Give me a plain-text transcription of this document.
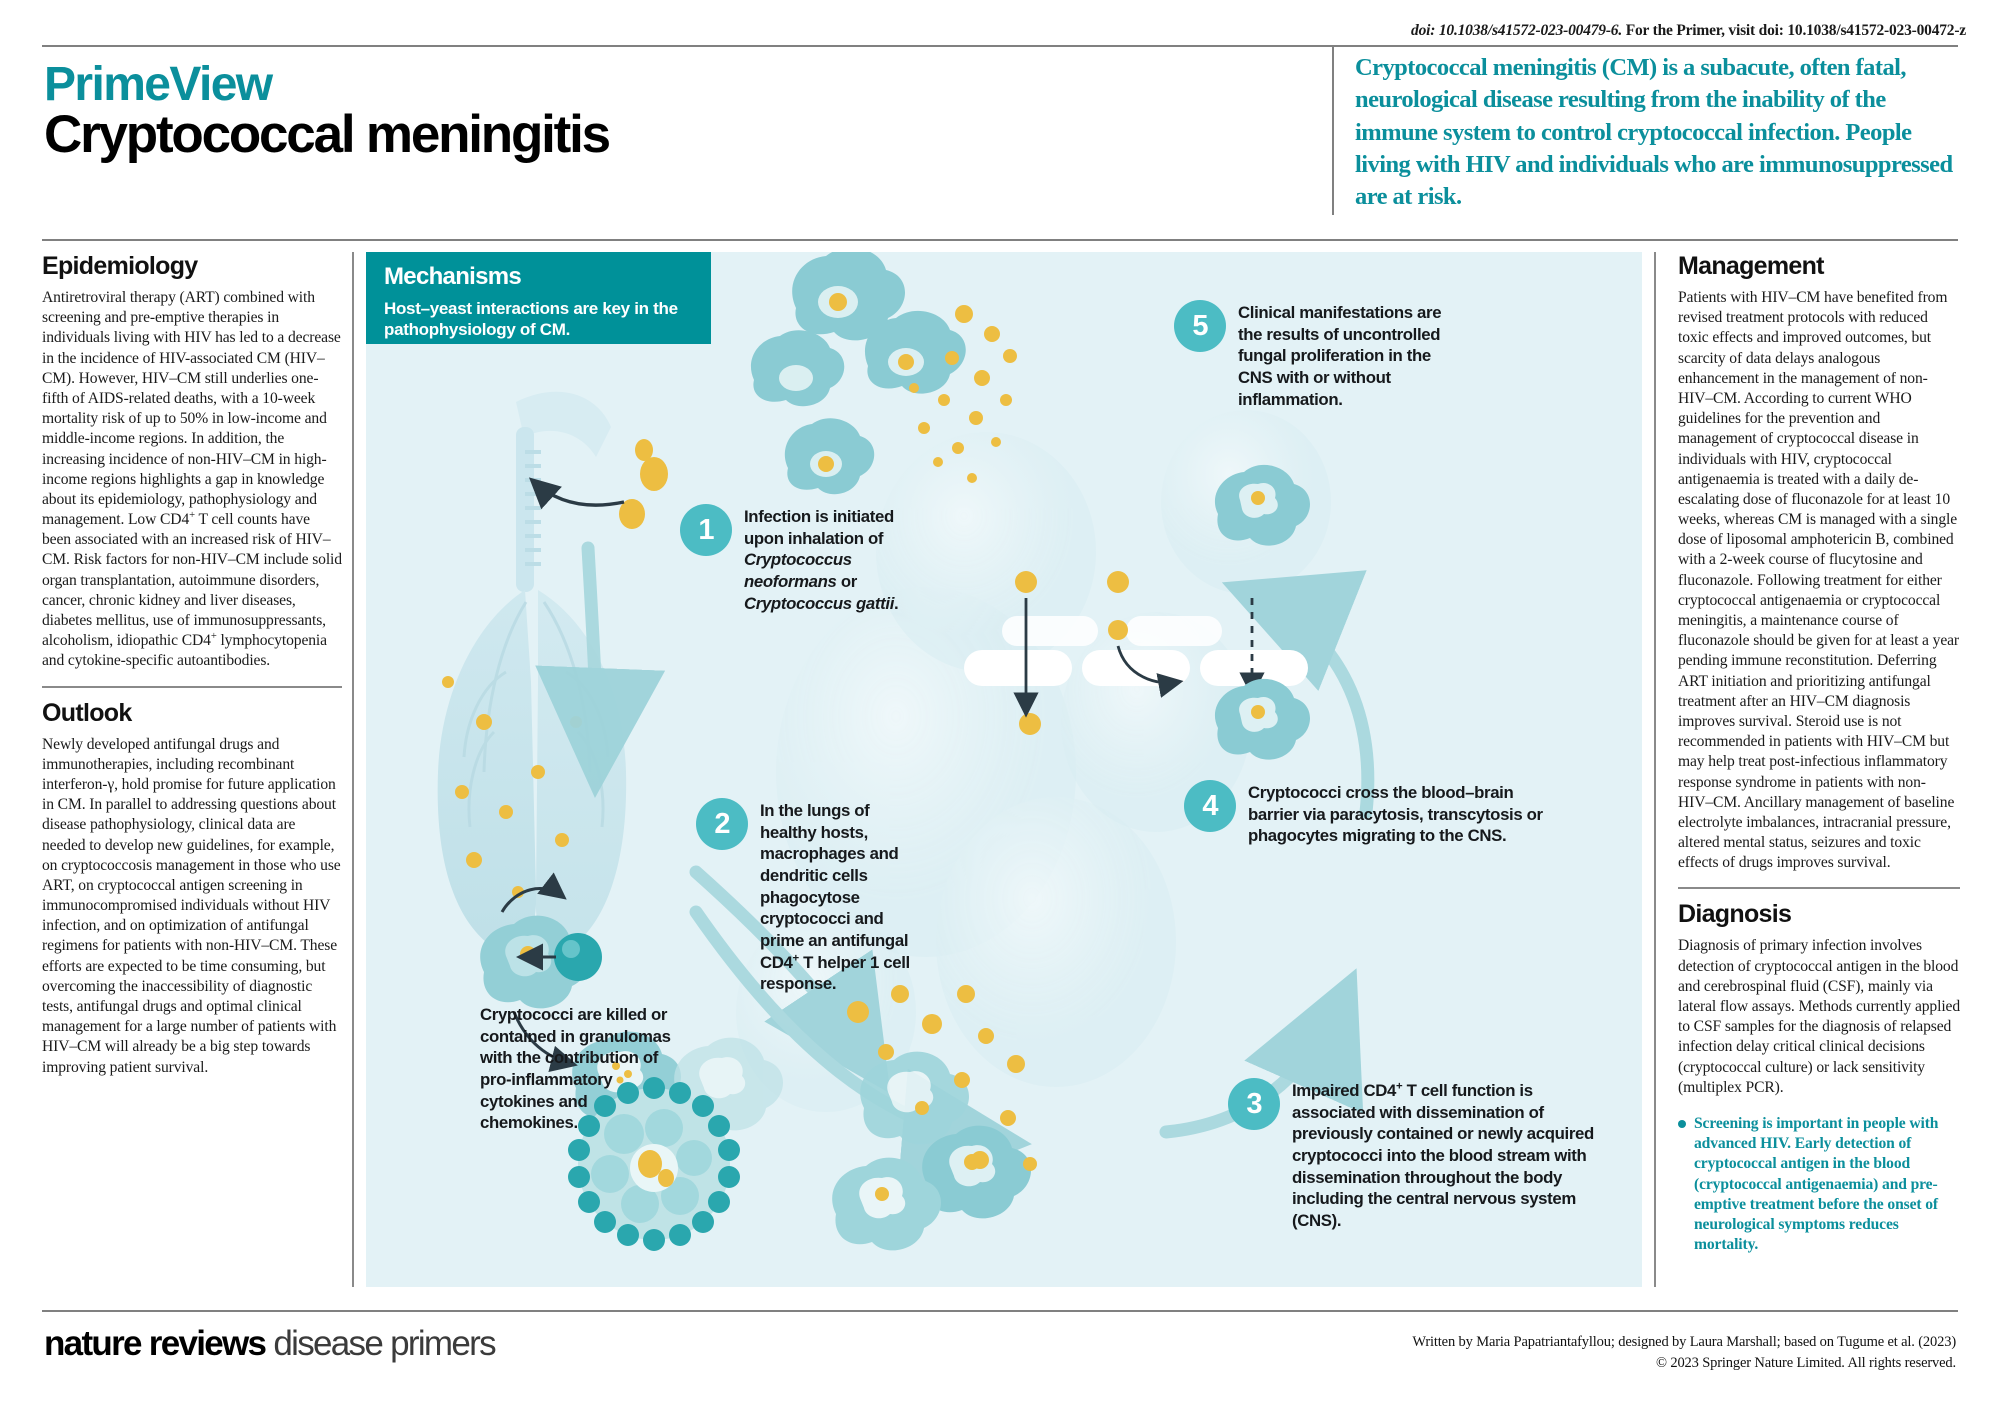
doi: 10.1038/s41572-023-00479-6. For the Primer, visit doi: 10.1038/s41572-023-00472-z
PrimeView
Cryptococcal meningitis
Cryptococcal meningitis (CM) is a subacute, often fatal, neurological disease resulting from the inability of the immune system to control cryptococcal infection. People living with HIV and individuals who are immunosuppressed are at risk.
Epidemiology
Antiretroviral therapy (ART) combined with screening and pre-emptive therapies in individuals living with HIV has led to a decrease in the incidence of HIV-associated CM (HIV–CM). However, HIV–CM still underlies one-fifth of AIDS-related deaths, with a 10-week mortality risk of up to 50% in low-income and middle-income regions. In addition, the increasing incidence of non-HIV–CM in high-income regions highlights a gap in knowledge about its epidemiology, pathophysiology and management. Low CD4+ T cell counts have been associated with an increased risk of HIV–CM. Risk factors for non-HIV–CM include solid organ transplantation, autoimmune disorders, cancer, chronic kidney and liver diseases, diabetes mellitus, use of immunosuppressants, alcoholism, idiopathic CD4+ lymphocytopenia and cytokine-specific autoantibodies.
Outlook
Newly developed antifungal drugs and immunotherapies, including recombinant interferon-γ, hold promise for future application in CM. In parallel to addressing questions about disease pathophysiology, clinical data are needed to develop new guidelines, for example, on cryptococcosis management in those who use ART, on cryptococcal antigen screening in immunocompromised individuals without HIV infection, and on optimization of antifungal regimens for patients with non-HIV–CM. These efforts are expected to be time consuming, but overcoming the inaccessibility of diagnostic tests, antifungal drugs and optimal clinical management for a large number of patients with HIV–CM will already be a big step towards improving patient survival.
Management
Patients with HIV–CM have benefited from revised treatment protocols with reduced toxic effects and improved outcomes, but scarcity of data delays analogous enhancement in the management of non-HIV–CM. According to current WHO guidelines for the prevention and management of cryptococcal disease in individuals with HIV, cryptococcal antigenaemia is treated with a daily de-escalating dose of fluconazole for at least 10 weeks, whereas CM is managed with a single dose of liposomal amphotericin B, combined with a 2-week course of flucytosine and fluconazole. Following treatment for either cryptococcal antigenaemia or cryptococcal meningitis, a maintenance course of fluconazole should be given for at least a year pending immune reconstitution. Deferring ART initiation and prioritizing antifungal treatment after an HIV–CM diagnosis improves survival. Steroid use is not recommended in patients with HIV–CM but may help treat post-infectious inflammatory response syndrome in patients with non-HIV–CM. Ancillary management of baseline electrolyte imbalances, intracranial pressure, altered mental status, seizures and toxic effects of drugs improves survival.
Diagnosis
Diagnosis of primary infection involves detection of cryptococcal antigen in the blood and cerebrospinal fluid (CSF), mainly via lateral flow assays. Methods currently applied to CSF samples for the diagnosis of relapsed infection delay critical clinical decisions (cryptococcal culture) or lack sensitivity (multiplex PCR).
Screening is important in people with advanced HIV. Early detection of cryptococcal antigen in the blood (cryptococcal antigenaemia) and pre-emptive treatment before the onset of neurological symptoms reduces mortality.
Mechanisms
Host–yeast interactions are key in the pathophysiology of CM.
1	Infection is initiated upon inhalation of Cryptococcus neoformans or Cryptococcus gattii.
2	In the lungs of healthy hosts, macrophages and dendritic cells phagocytose cryptococci and prime an antifungal CD4+ T helper 1 cell response.
Cryptococci are killed or contained in granulomas with the contribution of pro-inflammatory cytokines and chemokines.
3	Impaired CD4+ T cell function is associated with dissemination of previously contained or newly acquired cryptococci into the blood stream with dissemination throughout the body including the central nervous system (CNS).
4	Cryptococci cross the blood–brain barrier via paracytosis, transcytosis or phagocytes migrating to the CNS.
5	Clinical manifestations are the results of uncontrolled fungal proliferation in the CNS with or without inflammation.
nature reviews disease primers	Written by Maria Papatriantafyllou; designed by Laura Marshall; based on Tugume et al. (2023)
© 2023 Springer Nature Limited. All rights reserved.
